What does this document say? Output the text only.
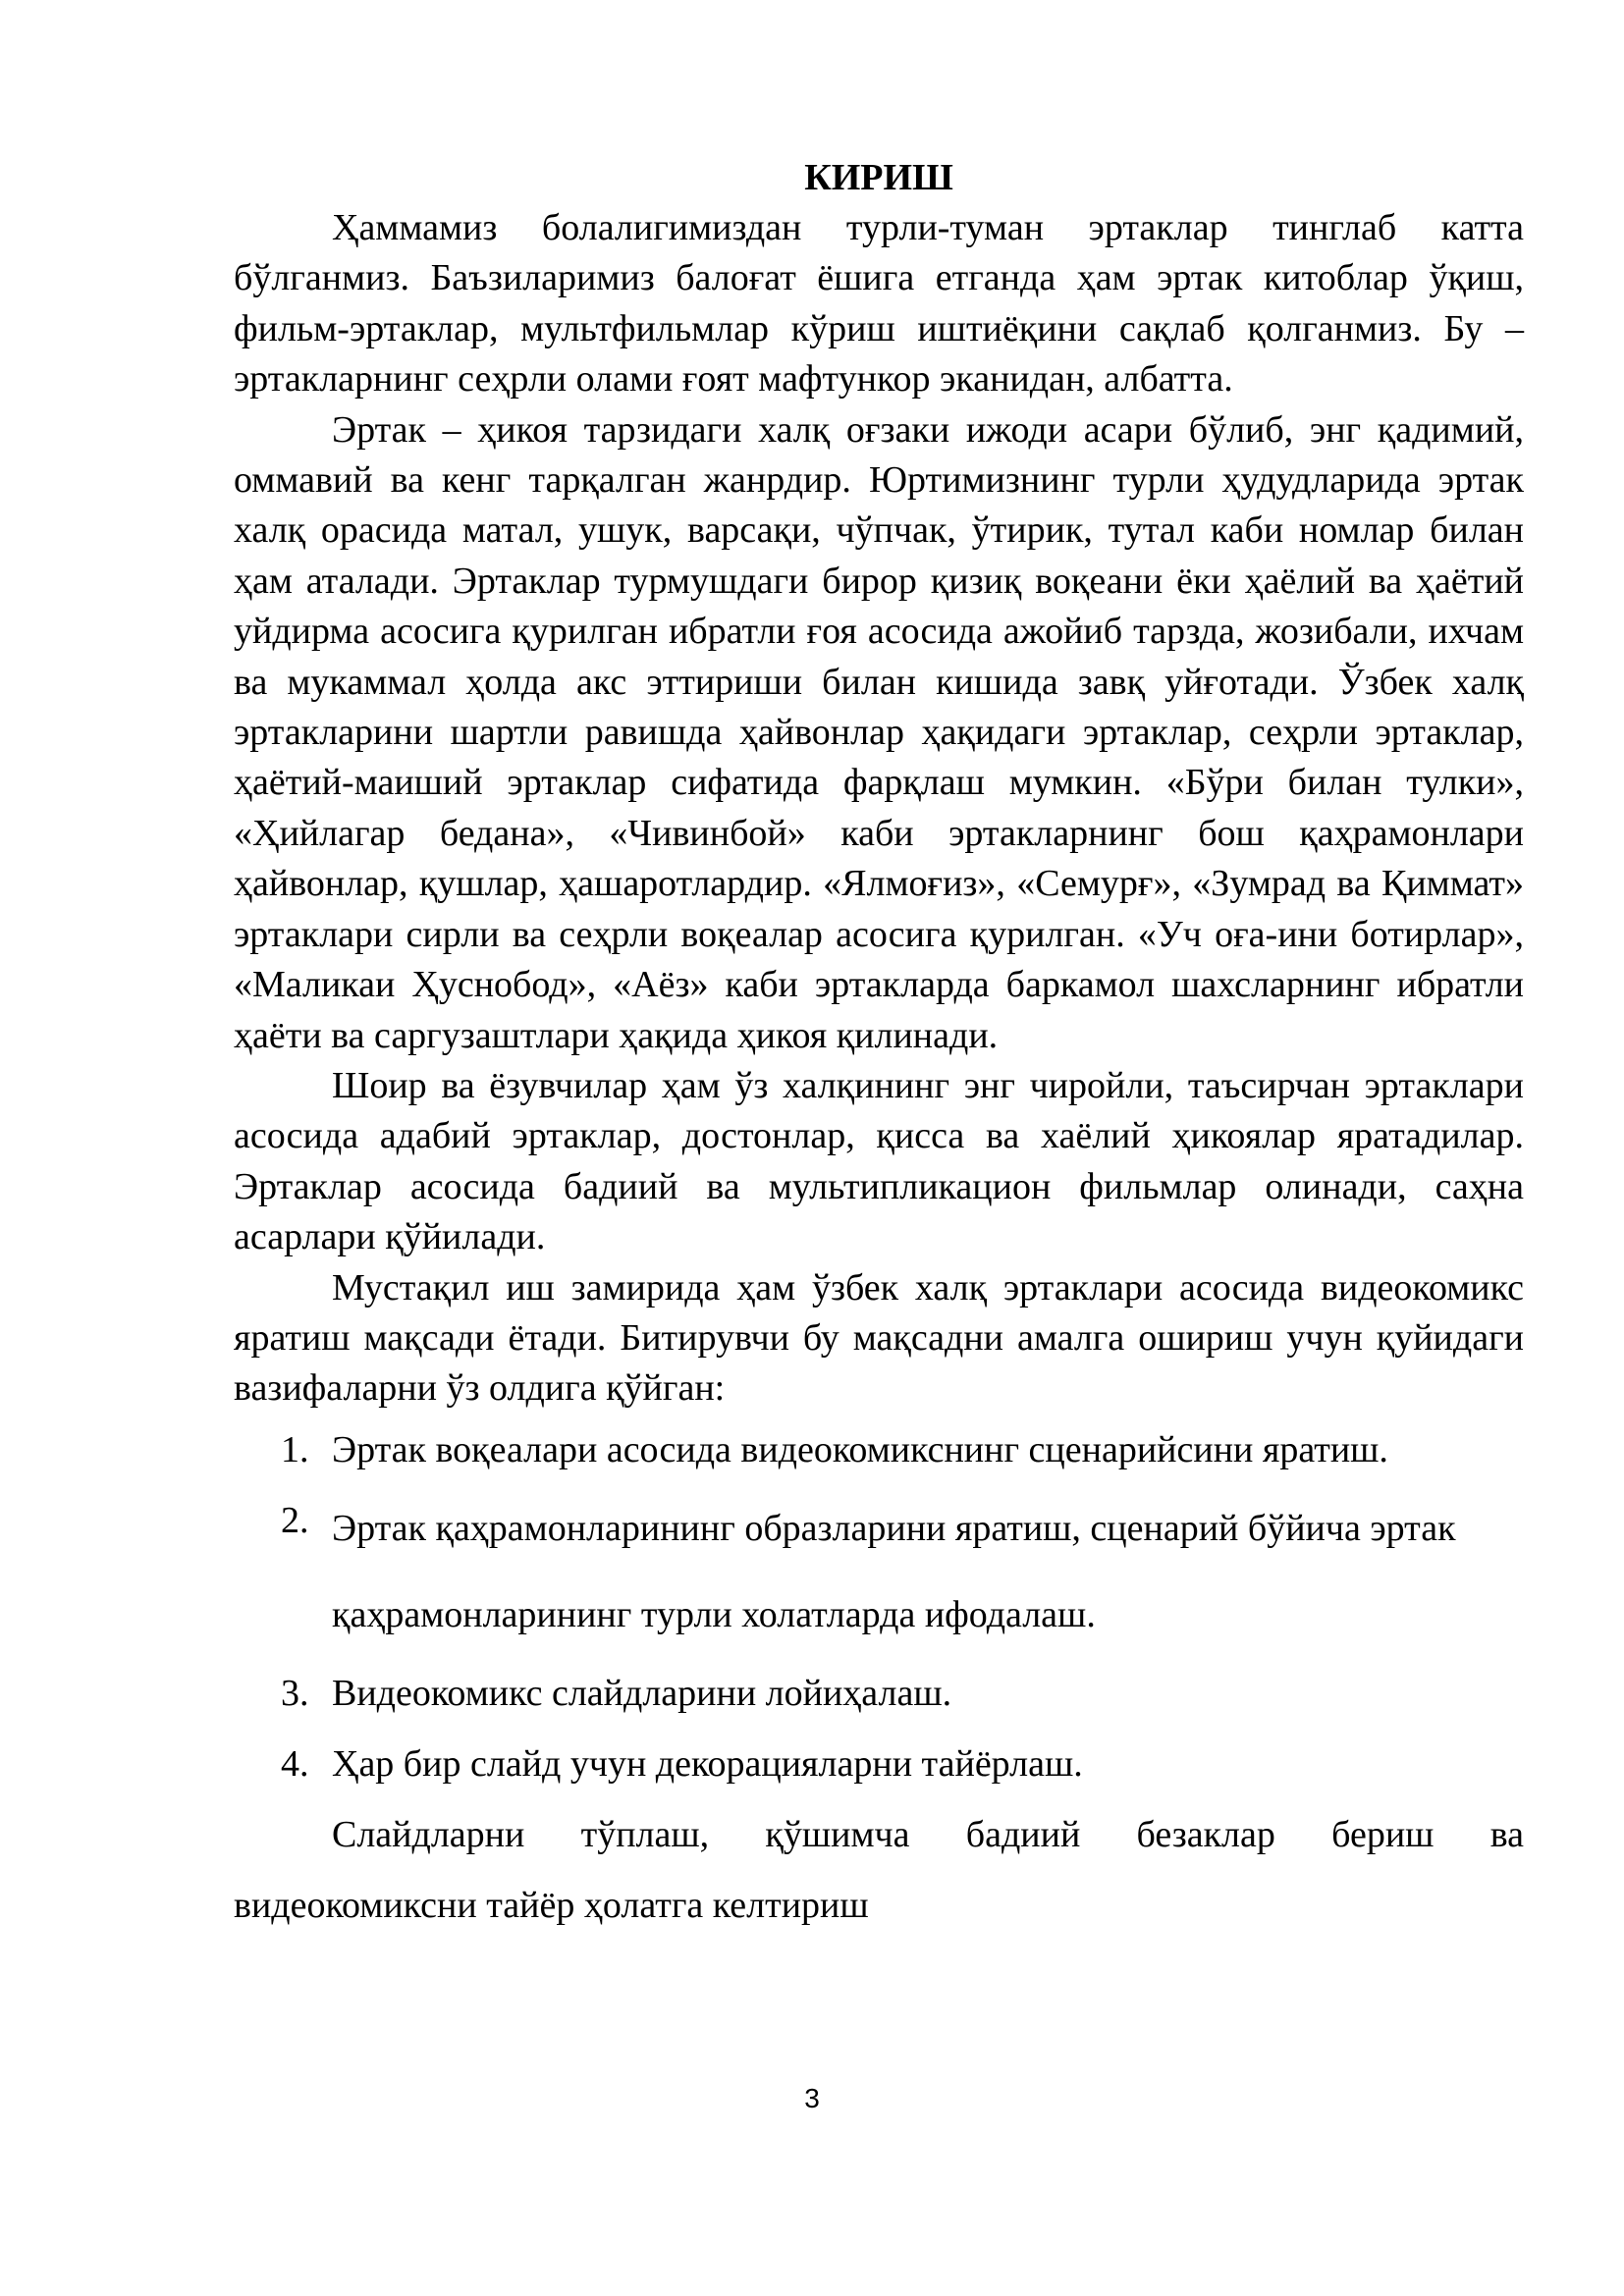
КИРИШ

Ҳаммамиз болалигимиздан турли-туман эртаклар тинглаб катта бўлганмиз. Баъзиларимиз балоғат ёшига етганда ҳам эртак китоблар ўқиш, фильм-эртаклар, мультфильмлар кўриш иштиёқини сақлаб қолганмиз. Бу – эртакларнинг сеҳрли олами ғоят мафтункор эканидан, албатта.

Эртак – ҳикоя тарзидаги халқ оғзаки ижоди асари бўлиб, энг қадимий, оммавий ва кенг тарқалган жанрдир. Юртимизнинг турли ҳудудларида эртак халқ орасида матал, ушук, варсақи, чўпчак, ўтирик, тутал каби номлар билан ҳам аталади. Эртаклар турмушдаги бирор қизиқ воқеани ёки ҳаёлий ва ҳаётий уйдирма асосига қурилган ибратли ғоя асосида ажойиб тарзда, жозибали, ихчам ва мукаммал ҳолда акс эттириши билан кишида завқ уйғотади. Ўзбек халқ эртакларини шартли равишда ҳайвонлар ҳақидаги эртаклар, сеҳрли эртаклар, ҳаётий-маиший эртаклар сифатида фарқлаш мумкин. «Бўри билан тулки», «Ҳийлагар бедана», «Чивинбой» каби эртакларнинг бош қаҳрамонлари ҳайвонлар, қушлар, ҳашаротлардир. «Ялмоғиз», «Семурғ», «Зумрад ва Қиммат» эртаклари сирли ва сеҳрли воқеалар асосига қурилган. «Уч оға-ини ботирлар», «Маликаи Ҳуснобод», «Аёз» каби эртакларда баркамол шахсларнинг ибратли ҳаёти ва саргузаштлари ҳақида ҳикоя қилинади.

Шоир ва ёзувчилар ҳам ўз халқининг энг чиройли, таъсирчан эртаклари асосида адабий эртаклар, достонлар, қисса ва хаёлий ҳикоялар яратадилар. Эртаклар асосида бадиий ва мультипликацион фильмлар олинади, саҳна асарлари қўйилади.

Мустақил иш замирида ҳам ўзбек халқ эртаклари асосида видеокомикс яратиш мақсади ётади. Битирувчи бу мақсадни амалга ошириш учун қуйидаги вазифаларни ўз олдига қўйган:

1. Эртак воқеалари асосида видеокомикснинг сценарийсини яратиш.
2. Эртак қаҳрамонларининг образларини яратиш, сценарий бўйича эртак қаҳрамонларининг турли холатларда ифодалаш.
3. Видеокомикс слайдларини лойиҳалаш.
4. Ҳар бир слайд учун декорацияларни тайёрлаш.
Слайдларни тўплаш, қўшимча бадиий безаклар бериш ва
видеокомиксни тайёр ҳолатга келтириш
3
